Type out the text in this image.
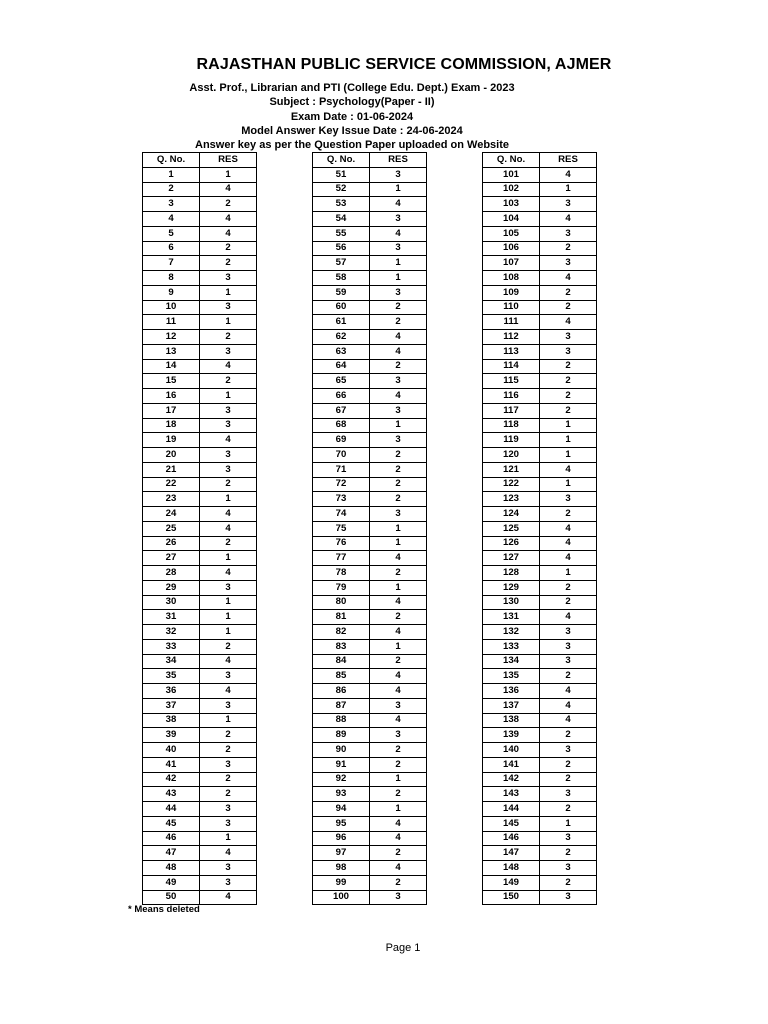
RAJASTHAN PUBLIC SERVICE COMMISSION, AJMER
Asst. Prof., Librarian and PTI (College Edu. Dept.) Exam - 2023
Subject : Psychology(Paper - II)
Exam Date : 01-06-2024
Model Answer Key Issue Date : 24-06-2024
Answer key as per the Question Paper uploaded on Website
Q. No.	RES
1	1
2	4
3	2
4	4
5	4
6	2
7	2
8	3
9	1
10	3
11	1
12	2
13	3
14	4
15	2
16	1
17	3
18	3
19	4
20	3
21	3
22	2
23	1
24	4
25	4
26	2
27	1
28	4
29	3
30	1
31	1
32	1
33	2
34	4
35	3
36	4
37	3
38	1
39	2
40	2
41	3
42	2
43	2
44	3
45	3
46	1
47	4
48	3
49	3
50	4
Q. No.	RES
51	3
52	1
53	4
54	3
55	4
56	3
57	1
58	1
59	3
60	2
61	2
62	4
63	4
64	2
65	3
66	4
67	3
68	1
69	3
70	2
71	2
72	2
73	2
74	3
75	1
76	1
77	4
78	2
79	1
80	4
81	2
82	4
83	1
84	2
85	4
86	4
87	3
88	4
89	3
90	2
91	2
92	1
93	2
94	1
95	4
96	4
97	2
98	4
99	2
100	3
Q. No.	RES
101	4
102	1
103	3
104	4
105	3
106	2
107	3
108	4
109	2
110	2
111	4
112	3
113	3
114	2
115	2
116	2
117	2
118	1
119	1
120	1
121	4
122	1
123	3
124	2
125	4
126	4
127	4
128	1
129	2
130	2
131	4
132	3
133	3
134	3
135	2
136	4
137	4
138	4
139	2
140	3
141	2
142	2
143	3
144	2
145	1
146	3
147	2
148	3
149	2
150	3
* Means deleted
Page 1
